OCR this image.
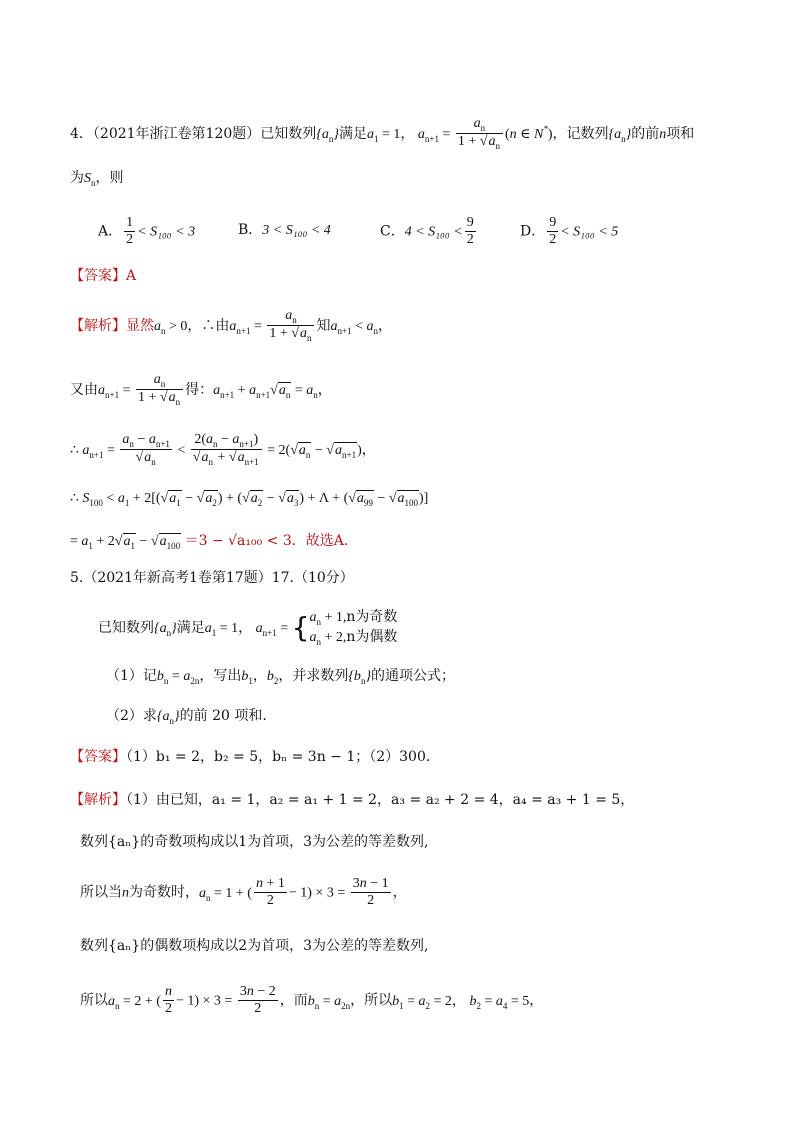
4．（2021年浙江卷第120题）已知数列$\{a_n\}$满足$a_1 = 1$， $a_{n+1} = \frac{a_n}{1 + √a_n} (n$ ∈ N*)，记数列$\{a_n\}$的前n项和
为$S_n$，则
A． $\frac{1}{2} < S_{100} < 3$	B．3 < S₁₀₀ < 4	C．$4 < S_{100} < \frac{9}{2}$	D． $\frac{9}{2} < S_{100} < 5$
【答案】A
【解析】显然$a_n > 0$，∴由$a_{n+1} = \frac{a_n}{1 + √a_n}$ 知$a_{n+1} < a_n$，
又由$a_{n+1} = \frac{a_n}{1 + √a_n}$ 得：$a_{n+1} + a_{n+1}√a_n = a_n$，
∴ $a_{n+1} = \frac{a_n - a_{n+1}}{√a_n} < \frac{2(a_n - a_{n+1})}{√a_n + √a_{n+1}} = 2(√a_n - √a_{n+1})$，
∴ $S_{100} < a_1 + 2[(√a_1 - √a_2) + (√a_2 - √a_3) + \Lambda + (√a_{99} - √a_{100})]$
= $a_1 + 2√a_1 - √a_{100} =3 - √a_{100} < 3$．故选A．
5.（2021年新高考1卷第17题）17.（10分）
已知数列$\{a_n\}$满足$a_1 = 1$， $a_{n+1}$ = { $a_n + 1,n$为奇数
$a_n + 2,n$为偶数
（1）记$b_n = a_{2n}$，写出$b_1$，$b_2$，并求数列$\{b_n\}$的通项公式；
（2）求$\{a_n\}$的前 20 项和.
【答案】（1）b₁ = 2，b₂ = 5，bₙ = 3n − 1；（2）300．
【解析】（1）由已知，a₁ = 1，a₂ = a₁ + 1 = 2，a₃ = a₂ + 2 = 4，a₄ = a₃ + 1 = 5，
数列{aₙ}的奇数项构成以1为首项，3为公差的等差数列,
所以当n为奇数时，$a_n = 1$ + ( $\frac{n + 1}{2} - 1) \times 3 = \frac{3n - 1}{2}$ ，
数列{aₙ}的偶数项构成以2为首项，3为公差的等差数列,
所以$a_n = 2$ + ( $\frac{n}{2} - 1) \times 3 = \frac{3n - 2}{2}$ ，而$b_n = a_{2n}$，所以$b_1 = a_2 = 2$， $b_2 = a_4 = 5$，
